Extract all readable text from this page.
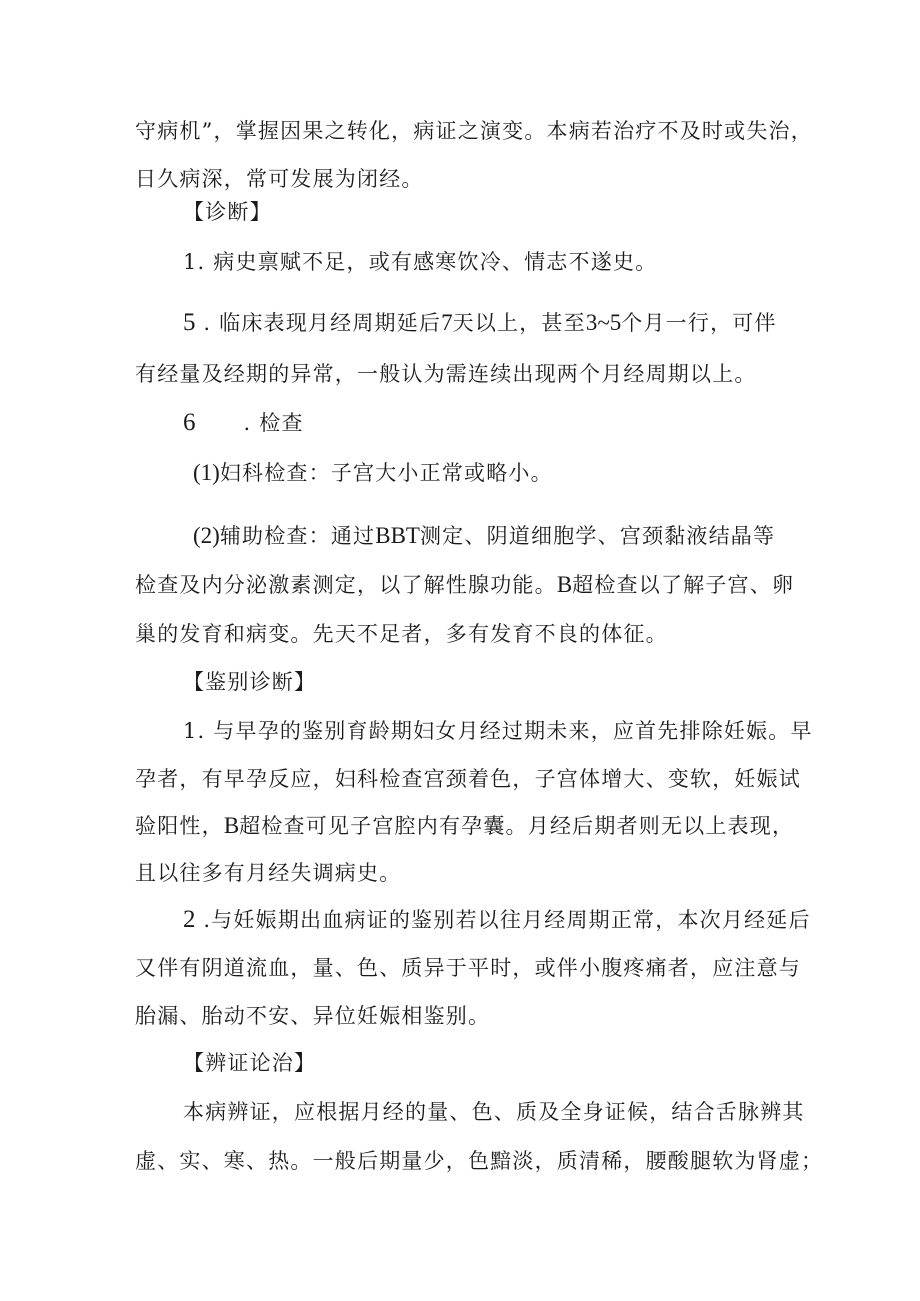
守病机”，掌握因果之转化，病证之演变。本病若治疗不及时或失治，
日久病深，常可发展为闭经。
【诊断】
1. 病史禀赋不足，或有感寒饮冷、情志不遂史。
5 . 临床表现月经周期延后7天以上，甚至3~5个月一行，可伴
有经量及经期的异常，一般认为需连续出现两个月经周期以上。
6 . 检查
(1)妇科检查：子宫大小正常或略小。
(2)辅助检查：通过BBT测定、阴道细胞学、宫颈黏液结晶等
检查及内分泌激素测定，以了解性腺功能。B超检查以了解子宫、卵
巢的发育和病变。先天不足者，多有发育不良的体征。
【鉴别诊断】
1. 与早孕的鉴别育龄期妇女月经过期未来，应首先排除妊娠。早
孕者，有早孕反应，妇科检查宫颈着色，子宫体增大、变软，妊娠试
验阳性，B超检查可见子宫腔内有孕囊。月经后期者则无以上表现，
且以往多有月经失调病史。
2 .与妊娠期出血病证的鉴别若以往月经周期正常，本次月经延后
又伴有阴道流血，量、色、质异于平时，或伴小腹疼痛者，应注意与
胎漏、胎动不安、异位妊娠相鉴别。
【辨证论治】
本病辨证，应根据月经的量、色、质及全身证候，结合舌脉辨其
虚、实、寒、热。一般后期量少，色黯淡，质清稀，腰酸腿软为肾虚；
